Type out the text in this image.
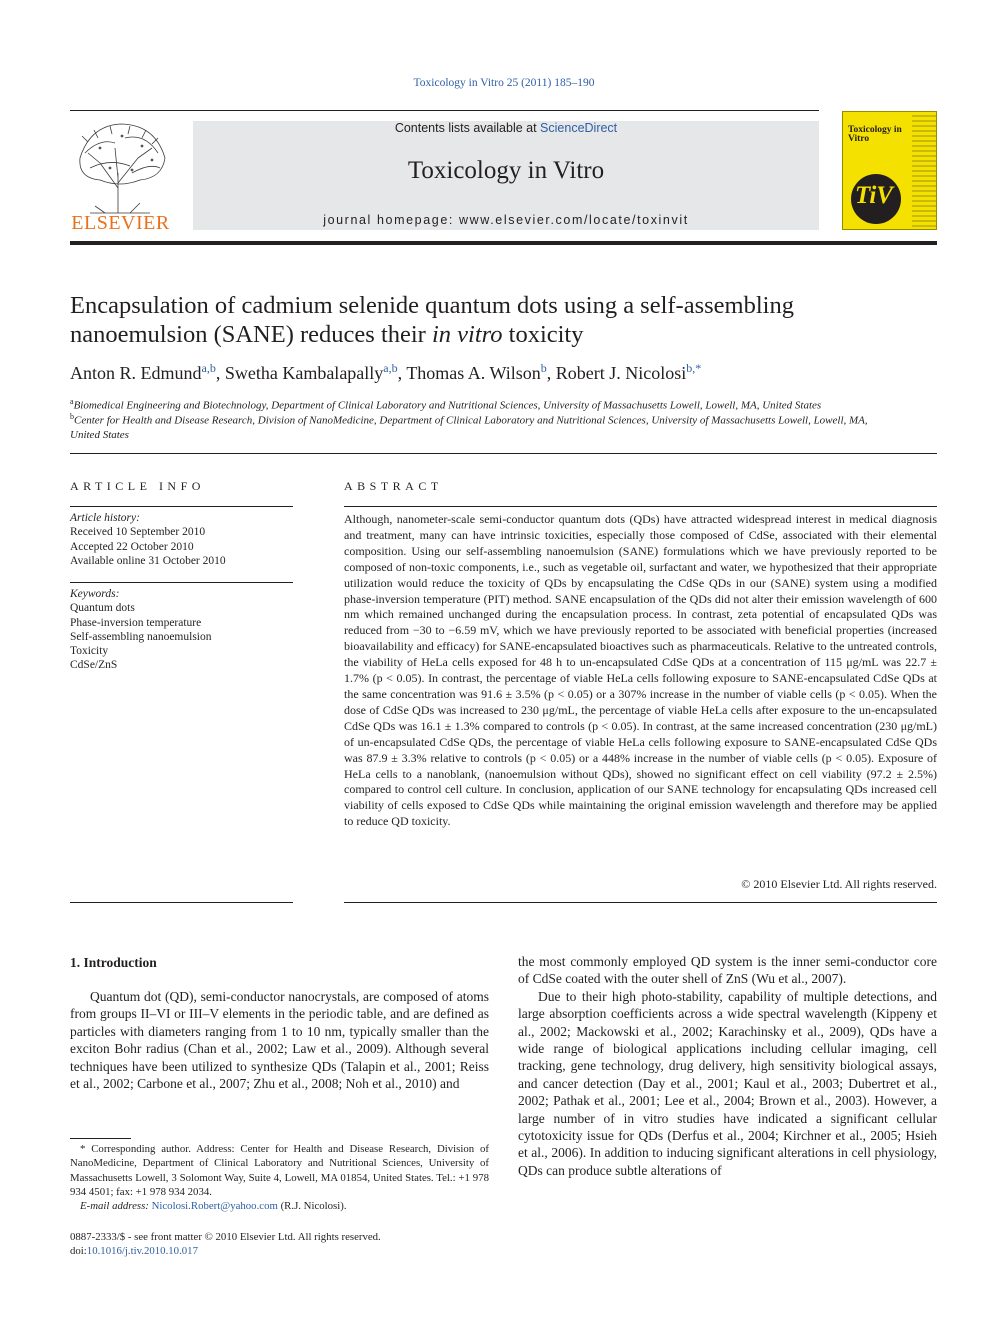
Toxicology in Vitro 25 (2011) 185–190
ELSEVIER
Contents lists available at ScienceDirect
Toxicology in Vitro
journal homepage: www.elsevier.com/locate/toxinvit
Toxicology in Vitro
TiV
Encapsulation of cadmium selenide quantum dots using a self-assembling nanoemulsion (SANE) reduces their in vitro toxicity
Anton R. Edmund$^{a,b}$, Swetha Kambalapally$^{a,b}$, Thomas A. Wilson$^b$, Robert J. Nicolosi$^{b,*}$
$^a$Biomedical Engineering and Biotechnology, Department of Clinical Laboratory and Nutritional Sciences, University of Massachusetts Lowell, Lowell, MA, United States
$^b$Center for Health and Disease Research, Division of NanoMedicine, Department of Clinical Laboratory and Nutritional Sciences, University of Massachusetts Lowell, Lowell, MA, United States
ARTICLE INFO
Article history:
Received 10 September 2010
Accepted 22 October 2010
Available online 31 October 2010
Keywords:
Quantum dots
Phase-inversion temperature
Self-assembling nanoemulsion
Toxicity
CdSe/ZnS
ABSTRACT
Although, nanometer-scale semi-conductor quantum dots (QDs) have attracted widespread interest in medical diagnosis and treatment, many can have intrinsic toxicities, especially those composed of CdSe, associated with their elemental composition. Using our self-assembling nanoemulsion (SANE) formulations which we have previously reported to be composed of non-toxic components, i.e., such as vegetable oil, surfactant and water, we hypothesized that their appropriate utilization would reduce the toxicity of QDs by encapsulating the CdSe QDs in our (SANE) system using a modified phase-inversion temperature (PIT) method. SANE encapsulation of the QDs did not alter their emission wavelength of 600 nm which remained unchanged during the encapsulation process. In contrast, zeta potential of encapsulated QDs was reduced from −30 to −6.59 mV, which we have previously reported to be associated with beneficial properties (increased bioavailability and efficacy) for SANE-encapsulated bioactives such as pharmaceuticals. Relative to the untreated controls, the viability of HeLa cells exposed for 48 h to un-encapsulated CdSe QDs at a concentration of 115 μg/mL was 22.7 ± 1.7% (p < 0.05). In contrast, the percentage of viable HeLa cells following exposure to SANE-encapsulated CdSe QDs at the same concentration was 91.6 ± 3.5% (p < 0.05) or a 307% increase in the number of viable cells (p < 0.05). When the dose of CdSe QDs was increased to 230 μg/mL, the percentage of viable HeLa cells after exposure to the un-encapsulated CdSe QDs was 16.1 ± 1.3% compared to controls (p < 0.05). In contrast, at the same increased concentration (230 μg/mL) of un-encapsulated CdSe QDs, the percentage of viable HeLa cells following exposure to SANE-encapsulated CdSe QDs was 87.9 ± 3.3% relative to controls (p < 0.05) or a 448% increase in the number of viable cells (p < 0.05). Exposure of HeLa cells to a nanoblank, (nanoemulsion without QDs), showed no significant effect on cell viability (97.2 ± 2.5%) compared to control cell culture. In conclusion, application of our SANE technology for encapsulating QDs increased cell viability of cells exposed to CdSe QDs while maintaining the original emission wavelength and therefore may be applied to reduce QD toxicity.
© 2010 Elsevier Ltd. All rights reserved.
1. Introduction

Quantum dot (QD), semi-conductor nanocrystals, are composed of atoms from groups II–VI or III–V elements in the periodic table, and are defined as particles with diameters ranging from 1 to 10 nm, typically smaller than the exciton Bohr radius (Chan et al., 2002; Law et al., 2009). Although several techniques have been utilized to synthesize QDs (Talapin et al., 2001; Reiss et al., 2002; Carbone et al., 2007; Zhu et al., 2008; Noh et al., 2010) and

the most commonly employed QD system is the inner semi-conductor core of CdSe coated with the outer shell of ZnS (Wu et al., 2007).

Due to their high photo-stability, capability of multiple detections, and large absorption coefficients across a wide spectral wavelength (Kippeny et al., 2002; Mackowski et al., 2002; Karachinsky et al., 2009), QDs have a wide range of biological applications including cellular imaging, cell tracking, gene technology, drug delivery, high sensitivity biological assays, and cancer detection (Day et al., 2001; Kaul et al., 2003; Dubertret et al., 2002; Pathak et al., 2001; Lee et al., 2004; Brown et al., 2003). However, a large number of in vitro studies have indicated a significant cellular cytotoxicity issue for QDs (Derfus et al., 2004; Kirchner et al., 2005; Hsieh et al., 2006). In addition to inducing significant alterations in cell physiology, QDs can produce subtle alterations of

* Corresponding author. Address: Center for Health and Disease Research, Division of NanoMedicine, Department of Clinical Laboratory and Nutritional Sciences, University of Massachusetts Lowell, 3 Solomont Way, Suite 4, Lowell, MA 01854, United States. Tel.: +1 978 934 4501; fax: +1 978 934 2034.

E-mail address: Nicolosi.Robert@yahoo.com (R.J. Nicolosi).

0887-2333/$ - see front matter © 2010 Elsevier Ltd. All rights reserved.
doi:10.1016/j.tiv.2010.10.017
